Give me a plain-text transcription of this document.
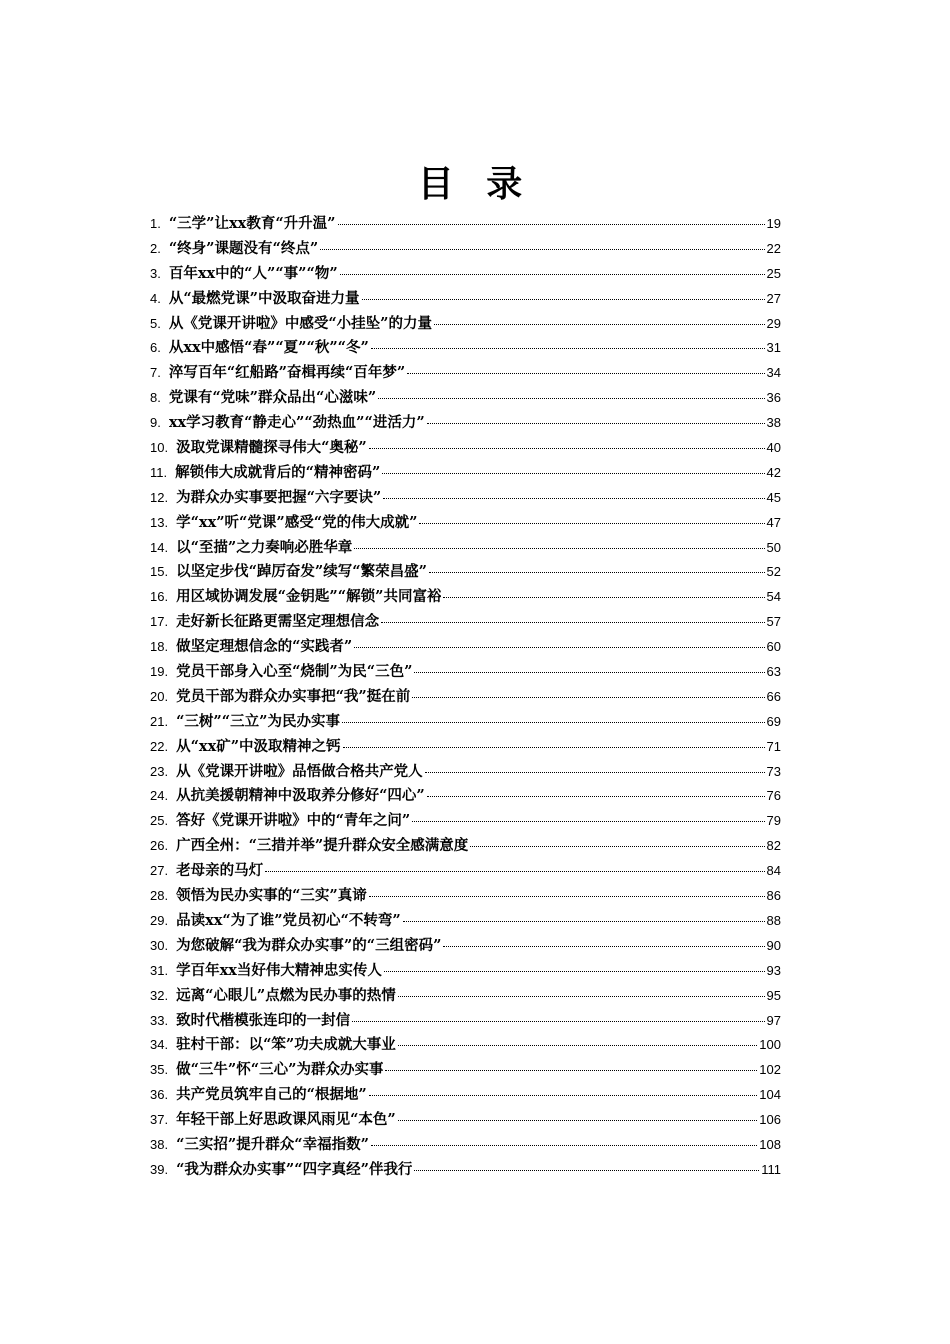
目 录
1. “三学”让xx教育“升升温”	19
2. “终身”课题没有“终点”	22
3. 百年xx中的“人”“事”“物”	25
4. 从“最燃党课”中汲取奋进力量	27
5. 从《党课开讲啦》中感受“小挂坠”的力量	29
6. 从xx中感悟“春”“夏”“秋”“冬”	31
7. 淬写百年“红船路”奋楫再续“百年梦”	34
8. 党课有“党味”群众品出“心滋味”	36
9. xx学习教育“静走心”“劲热血”“进活力”	38
10. 汲取党课精髓探寻伟大“奥秘”	40
11. 解锁伟大成就背后的“精神密码”	42
12. 为群众办实事要把握“六字要诀”	45
13. 学“xx”听“党课”感受“党的伟大成就”	47
14. 以“至描”之力奏响必胜华章	50
15. 以坚定步伐“踔厉奋发”续写“繁荣昌盛”	52
16. 用区域协调发展“金钥匙”“解锁”共同富裕	54
17. 走好新长征路更需坚定理想信念	57
18. 做坚定理想信念的“实践者”	60
19. 党员干部身入心至“烧制”为民“三色”	63
20. 党员干部为群众办实事把“我”挺在前	66
21. “三树”“三立”为民办实事	69
22. 从“xx矿”中汲取精神之钙	71
23. 从《党课开讲啦》品悟做合格共产党人	73
24. 从抗美援朝精神中汲取养分修好“四心”	76
25. 答好《党课开讲啦》中的“青年之问”	79
26. 广西全州：“三措并举”提升群众安全感满意度	82
27. 老母亲的马灯	84
28. 领悟为民办实事的“三实”真谛	86
29. 品读xx“为了谁”党员初心“不转弯”	88
30. 为您破解“我为群众办实事”的“三组密码”	90
31. 学百年xx当好伟大精神忠实传人	93
32. 远离“心眼儿”点燃为民办事的热情	95
33. 致时代楷模张连印的一封信	97
34. 驻村干部：以“笨”功夫成就大事业	100
35. 做“三牛”怀“三心”为群众办实事	102
36. 共产党员筑牢自己的“根据地”	104
37. 年轻干部上好思政课风雨见“本色”	106
38. “三实招”提升群众“幸福指数”	108
39. “我为群众办实事”“四字真经”伴我行	111
